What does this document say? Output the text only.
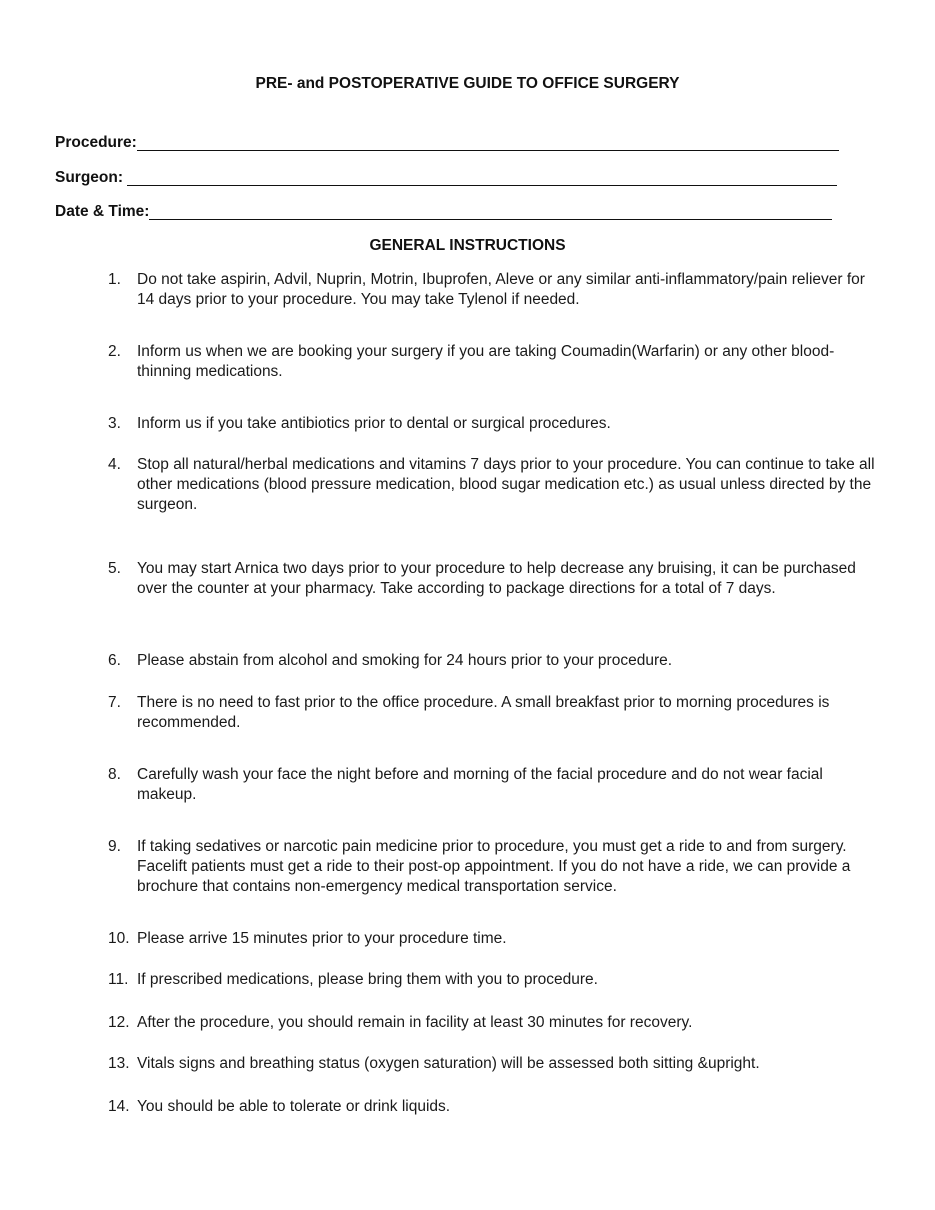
PRE- and POSTOPERATIVE GUIDE TO OFFICE SURGERY
Procedure:
Surgeon:
Date & Time:
GENERAL INSTRUCTIONS
1.	Do not take aspirin, Advil, Nuprin, Motrin, Ibuprofen, Aleve or any similar anti-inflammatory/pain reliever for 14 days prior to your procedure. You may take Tylenol if needed.
2.	Inform us when we are booking your surgery if you are taking Coumadin(Warfarin) or any other blood-thinning medications.
3.	Inform us if you take antibiotics prior to dental or surgical procedures.
4.	Stop all natural/herbal medications and vitamins 7 days prior to your procedure. You can continue to take all other medications (blood pressure medication, blood sugar medication etc.) as usual unless directed by the surgeon.
5.	You may start Arnica two days prior to your procedure to help decrease any bruising, it can be purchased over the counter at your pharmacy. Take according to package directions for a total of 7 days.
6.	Please abstain from alcohol and smoking for 24 hours prior to your procedure.
7.	There is no need to fast prior to the office procedure. A small breakfast prior to morning procedures is recommended.
8.	Carefully wash your face the night before and morning of the facial procedure and do not wear facial makeup.
9.	If taking sedatives or narcotic pain medicine prior to procedure, you must get a ride to and from surgery. Facelift patients must get a ride to their post-op appointment. If you do not have a ride, we can provide a brochure that contains non-emergency medical transportation service.
10. Please arrive 15 minutes prior to your procedure time.
11. If prescribed medications, please bring them with you to procedure.
12. After the procedure, you should remain in facility at least 30 minutes for recovery.
13. Vitals signs and breathing status (oxygen saturation) will be assessed both sitting &upright.
14. You should be able to tolerate or drink liquids.
